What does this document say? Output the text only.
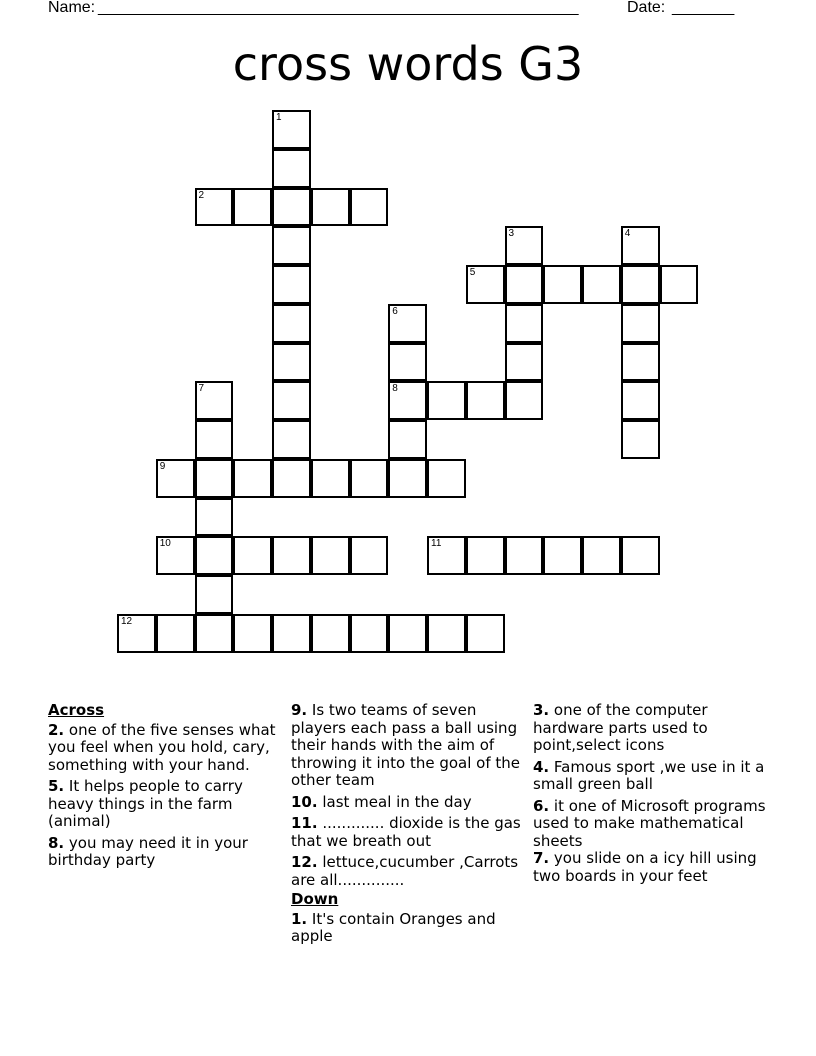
Name: ______________________________________________________	Date: _______
cross words G3
1
2
3	4
5
6
8
7
9
10	11
12
Across
2. one of the five senses what you feel when you hold, cary, something with your hand.
5. It helps people to carry heavy things in the farm (animal)
8. you may need it in your birthday party
9. Is two teams of seven players each pass a ball using their hands with the aim of throwing it into the goal of the other team
10. last meal in the day
11. ............. dioxide is the gas that we breath out
12. lettuce,cucumber ,Carrots are all..............
Down
1. It's contain Oranges and apple
3. one of the computer hardware parts used to point,select icons
4. Famous sport ,we use in it a small green ball
6. it one of Microsoft programs used to make mathematical sheets
7. you slide on a icy hill using two boards in your feet
